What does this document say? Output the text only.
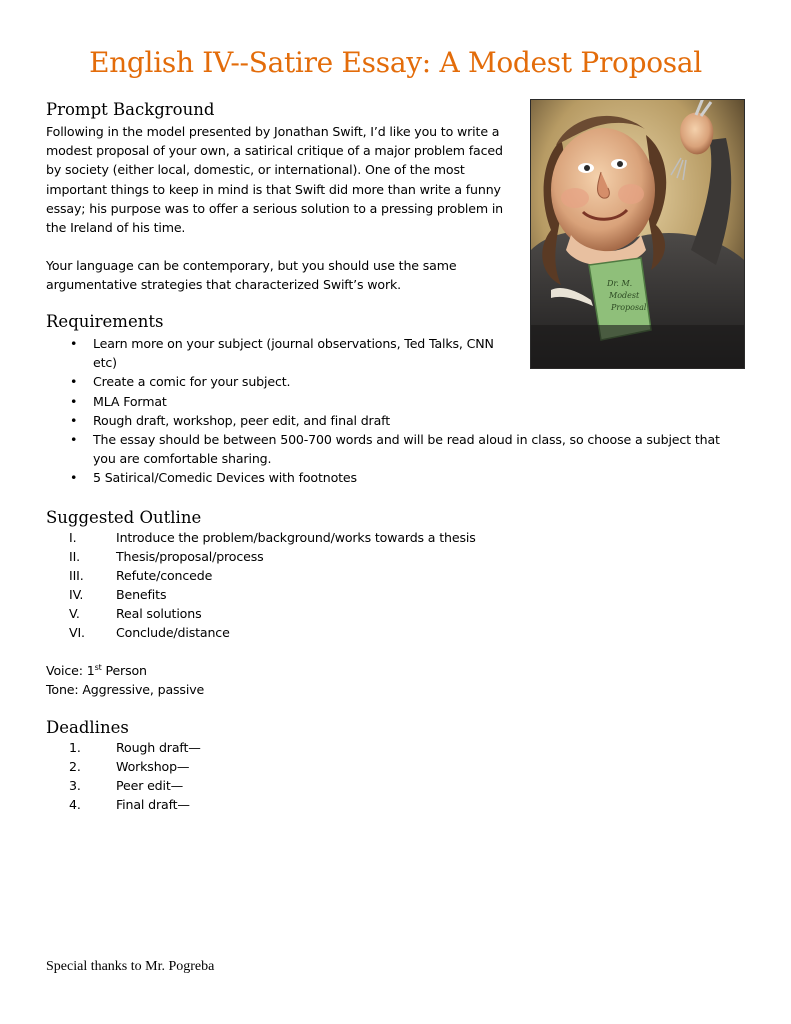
English IV--Satire Essay: A Modest Proposal
Prompt Background

Following in the model presented by Jonathan Swift, I’d like you to write a
modest proposal of your own, a satirical critique of a major problem faced
by society (either local, domestic, or international). One of the most
important things to keep in mind is that Swift did more than write a funny
essay; his purpose was to offer a serious solution to a pressing problem in
the Ireland of his time.

Your language can be contemporary, but you should use the same
argumentative strategies that characterized Swift’s work.	Dr. M.
Modest
Proposal
Requirements
• Learn more on your subject (journal observations, Ted Talks, CNN
etc)
• Create a comic for your subject.
• MLA Format
• Rough draft, workshop, peer edit, and final draft
• The essay should be between 500-700 words and will be read aloud in class, so choose a subject that
you are comfortable sharing.
• 5 Satirical/Comedic Devices with footnotes
Suggested Outline
I.	Introduce the problem/background/works towards a thesis
II.	Thesis/proposal/process
III.	Refute/concede
IV.	Benefits
V.	Real solutions
VI. Conclude/distance
Voice: 1st Person
Tone: Aggressive, passive
Deadlines
1.	Rough draft—
2.	Workshop—
3.	Peer edit—
4.	Final draft—
Special thanks to Mr. Pogreba
